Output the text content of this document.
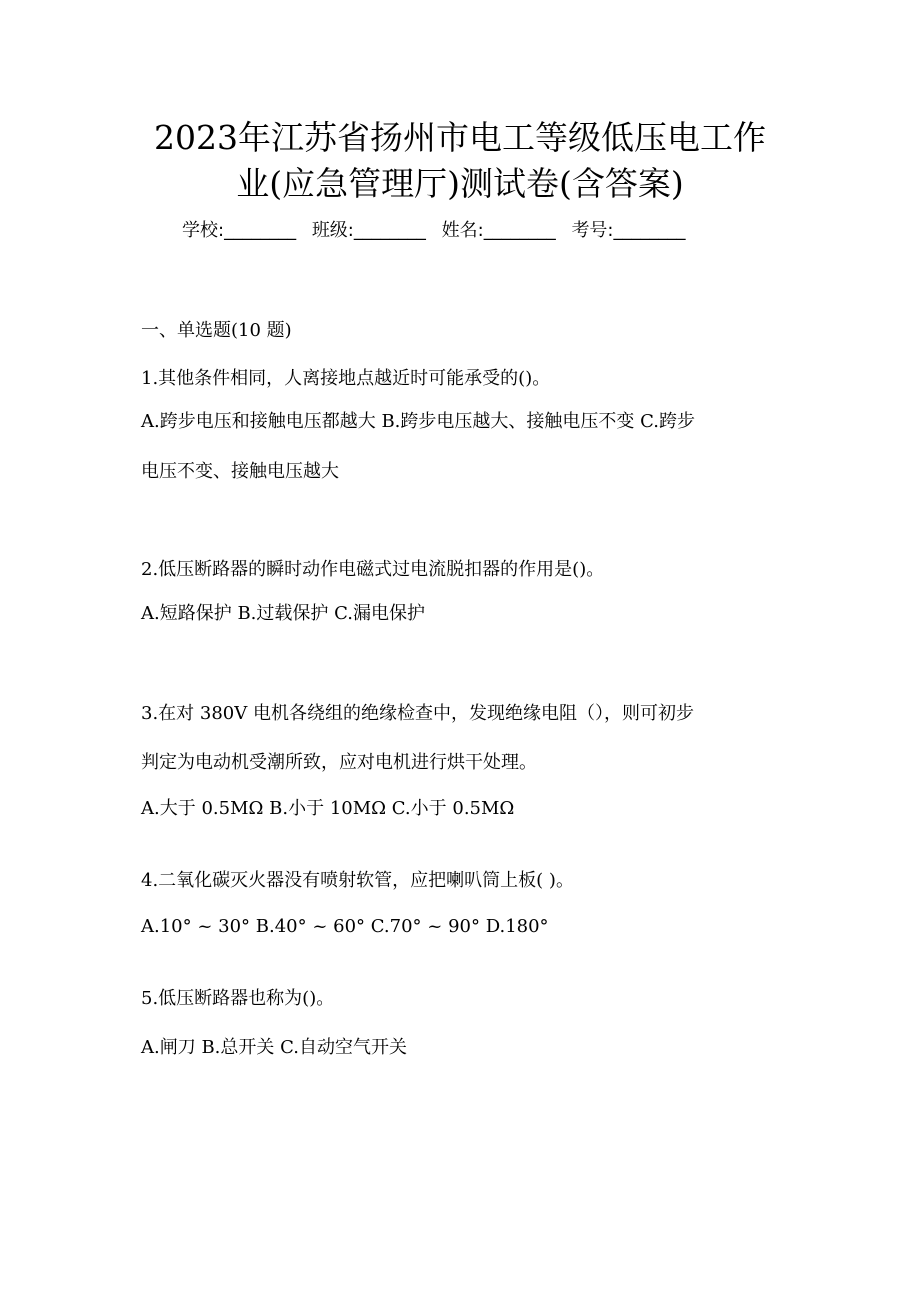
2023年江苏省扬州市电工等级低压电工作
业(应急管理厅)测试卷(含答案)
学校:________ 班级:________ 姓名:________ 考号:________
一、单选题(10 题)
1.其他条件相同，人离接地点越近时可能承受的()。
A.跨步电压和接触电压都越大 B.跨步电压越大、接触电压不变 C.跨步
电压不变、接触电压越大
2.低压断路器的瞬时动作电磁式过电流脱扣器的作用是()。
A.短路保护 B.过载保护 C.漏电保护
3.在对 380V 电机各绕组的绝缘检查中，发现绝缘电阻（），则可初步
判定为电动机受潮所致，应对电机进行烘干处理。
A.大于 0.5MΩ B.小于 10MΩ C.小于 0.5MΩ
4.二氧化碳灭火器没有喷射软管，应把喇叭筒上板( )。
A.10° ~ 30° B.40° ~ 60° C.70° ~ 90° D.180°
5.低压断路器也称为()。
A.闸刀 B.总开关 C.自动空气开关
